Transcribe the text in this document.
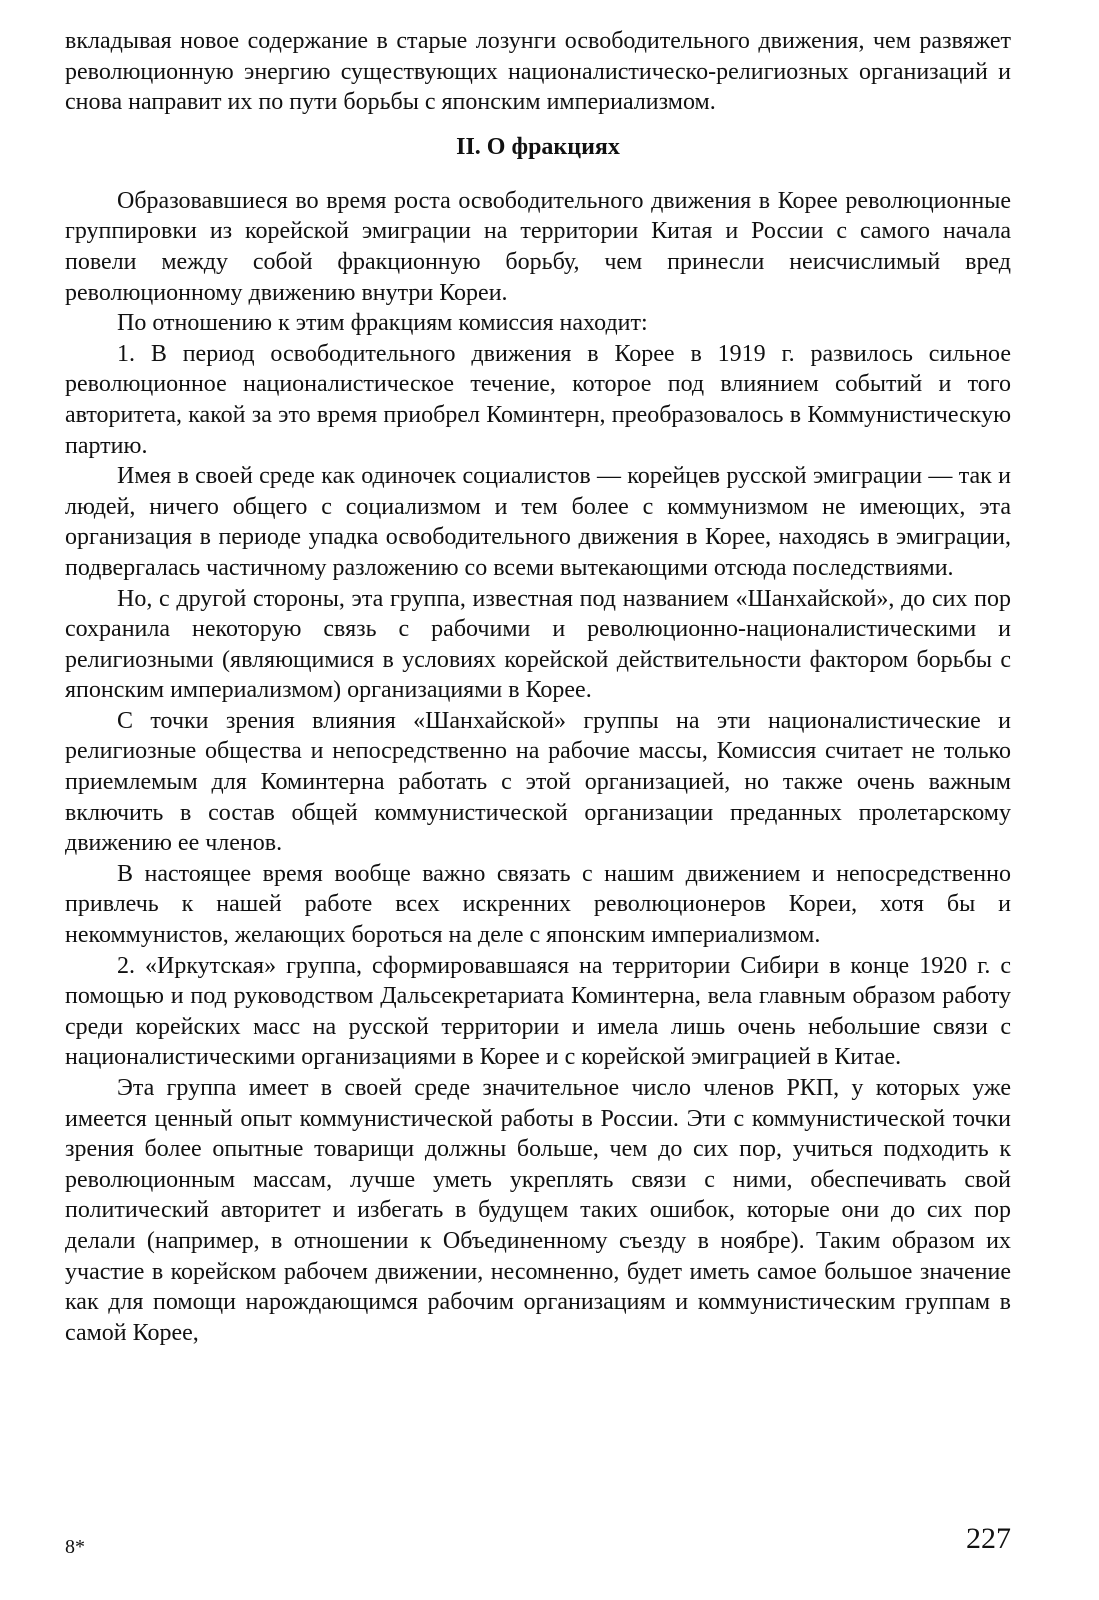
вкладывая новое содержание в старые лозунги освободительного движения, чем развяжет революционную энергию существующих националистическо-религиозных организаций и снова направит их по пути борьбы с японским империализмом.

II. О фракциях

Образовавшиеся во время роста освободительного движения в Корее революционные группировки из корейской эмиграции на территории Китая и России с самого начала повели между собой фракционную борьбу, чем принесли неисчислимый вред революционному движению внутри Кореи.

По отношению к этим фракциям комиссия находит:

1. В период освободительного движения в Корее в 1919 г. развилось сильное революционное националистическое течение, которое под влиянием событий и того авторитета, какой за это время приобрел Коминтерн, преобразовалось в Коммунистическую партию.

Имея в своей среде как одиночек социалистов — корейцев русской эмиграции — так и людей, ничего общего с социализмом и тем более с коммунизмом не имеющих, эта организация в периоде упадка освободительного движения в Корее, находясь в эмиграции, подвергалась частичному разложению со всеми вытекающими отсюда последствиями.

Но, с другой стороны, эта группа, известная под названием «Шанхайской», до сих пор сохранила некоторую связь с рабочими и революционно-националистическими и религиозными (являющимися в условиях корейской действительности фактором борьбы с японским империализмом) организациями в Корее.

С точки зрения влияния «Шанхайской» группы на эти националистические и религиозные общества и непосредственно на рабочие массы, Комиссия считает не только приемлемым для Коминтерна работать с этой организацией, но также очень важным включить в состав общей коммунистической организации преданных пролетарскому движению ее членов.

В настоящее время вообще важно связать с нашим движением и непосредственно привлечь к нашей работе всех искренних революционеров Кореи, хотя бы и некоммунистов, желающих бороться на деле с японским империализмом.

2. «Иркутская» группа, сформировавшаяся на территории Сибири в конце 1920 г. с помощью и под руководством Дальсекретариата Коминтерна, вела главным образом работу среди корейских масс на русской территории и имела лишь очень небольшие связи с националистическими организациями в Корее и с корейской эмиграцией в Китае.

Эта группа имеет в своей среде значительное число членов РКП, у которых уже имеется ценный опыт коммунистической работы в России. Эти с коммунистической точки зрения более опытные товарищи должны больше, чем до сих пор, учиться подходить к революционным массам, лучше уметь укреплять связи с ними, обеспечивать свой политический авторитет и избегать в будущем таких ошибок, которые они до сих пор делали (например, в отношении к Объединенному съезду в ноябре). Таким образом их участие в корейском рабочем движении, несомненно, будет иметь самое большое значение как для помощи нарождающимся рабочим организациям и коммунистическим группам в самой Корее,

8*	227
